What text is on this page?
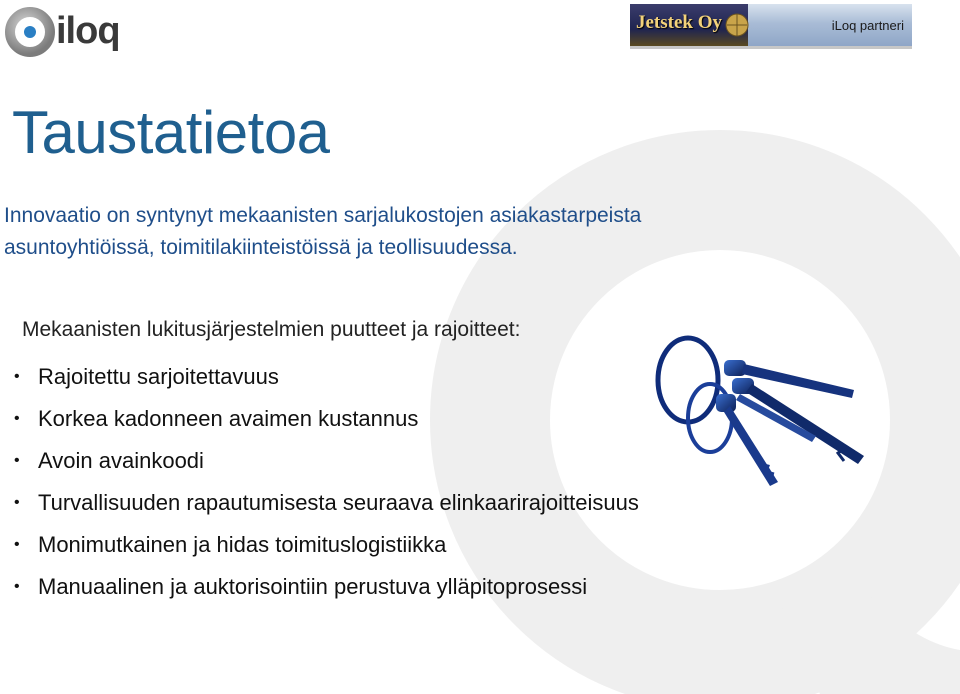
iloq	Jetstek Oy	iLoq partneri
Taustatietoa

Innovaatio on syntynyt mekaanisten sarjalukostojen asiakastarpeista asuntoyhtiöissä, toimitilakiinteistöissä ja teollisuudessa.

Mekaanisten lukitusjärjestelmien puutteet ja rajoitteet:

• Rajoitettu sarjoitettavuus
• Korkea kadonneen avaimen kustannus
• Avoin avainkoodi
• Turvallisuuden rapautumisesta seuraava elinkaarirajoitteisuus
• Monimutkainen ja hidas toimituslogistiikka
• Manuaalinen ja auktorisointiin perustuva ylläpitoprosessi
